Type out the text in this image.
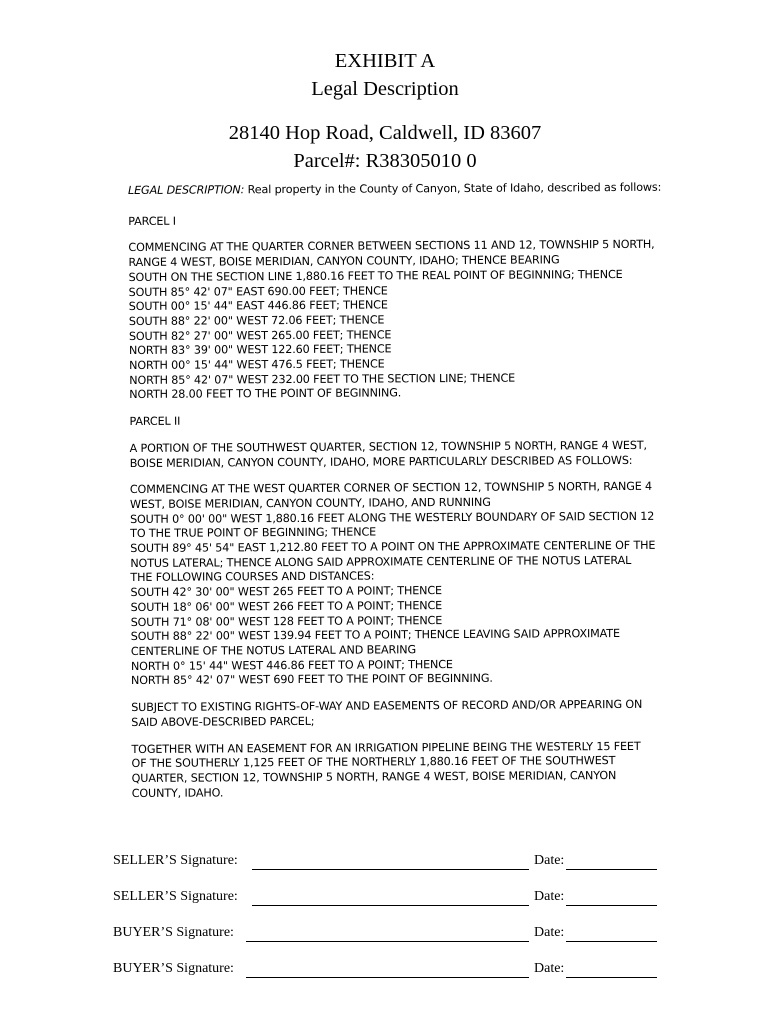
EXHIBIT A
Legal Description
28140 Hop Road, Caldwell, ID 83607
Parcel#: R38305010 0
LEGAL DESCRIPTION: Real property in the County of Canyon, State of Idaho, described as follows:
PARCEL I
COMMENCING AT THE QUARTER CORNER BETWEEN SECTIONS 11 AND 12, TOWNSHIP 5 NORTH,
RANGE 4 WEST, BOISE MERIDIAN, CANYON COUNTY, IDAHO; THENCE BEARING
SOUTH ON THE SECTION LINE 1,880.16 FEET TO THE REAL POINT OF BEGINNING; THENCE
SOUTH 85° 42' 07" EAST 690.00 FEET; THENCE
SOUTH 00° 15' 44" EAST 446.86 FEET; THENCE
SOUTH 88° 22' 00" WEST 72.06 FEET; THENCE
SOUTH 82° 27' 00" WEST 265.00 FEET; THENCE
NORTH 83° 39' 00" WEST 122.60 FEET; THENCE
NORTH 00° 15' 44" WEST 476.5 FEET; THENCE
NORTH 85° 42' 07" WEST 232.00 FEET TO THE SECTION LINE; THENCE
NORTH 28.00 FEET TO THE POINT OF BEGINNING.
PARCEL II
A PORTION OF THE SOUTHWEST QUARTER, SECTION 12, TOWNSHIP 5 NORTH, RANGE 4 WEST,
BOISE MERIDIAN, CANYON COUNTY, IDAHO, MORE PARTICULARLY DESCRIBED AS FOLLOWS:
COMMENCING AT THE WEST QUARTER CORNER OF SECTION 12, TOWNSHIP 5 NORTH, RANGE 4
WEST, BOISE MERIDIAN, CANYON COUNTY, IDAHO, AND RUNNING
SOUTH 0° 00' 00" WEST 1,880.16 FEET ALONG THE WESTERLY BOUNDARY OF SAID SECTION 12
TO THE TRUE POINT OF BEGINNING; THENCE
SOUTH 89° 45' 54" EAST 1,212.80 FEET TO A POINT ON THE APPROXIMATE CENTERLINE OF THE
NOTUS LATERAL; THENCE ALONG SAID APPROXIMATE CENTERLINE OF THE NOTUS LATERAL
THE FOLLOWING COURSES AND DISTANCES:
SOUTH 42° 30' 00" WEST 265 FEET TO A POINT; THENCE
SOUTH 18° 06' 00" WEST 266 FEET TO A POINT; THENCE
SOUTH 71° 08' 00" WEST 128 FEET TO A POINT; THENCE
SOUTH 88° 22' 00" WEST 139.94 FEET TO A POINT; THENCE LEAVING SAID APPROXIMATE
CENTERLINE OF THE NOTUS LATERAL AND BEARING
NORTH 0° 15' 44" WEST 446.86 FEET TO A POINT; THENCE
NORTH 85° 42' 07" WEST 690 FEET TO THE POINT OF BEGINNING.
SUBJECT TO EXISTING RIGHTS-OF-WAY AND EASEMENTS OF RECORD AND/OR APPEARING ON
SAID ABOVE-DESCRIBED PARCEL;
TOGETHER WITH AN EASEMENT FOR AN IRRIGATION PIPELINE BEING THE WESTERLY 15 FEET
OF THE SOUTHERLY 1,125 FEET OF THE NORTHERLY 1,880.16 FEET OF THE SOUTHWEST
QUARTER, SECTION 12, TOWNSHIP 5 NORTH, RANGE 4 WEST, BOISE MERIDIAN, CANYON
COUNTY, IDAHO.
SELLER’S Signature:	Date:
SELLER’S Signature:	Date:
BUYER’S Signature:	Date:
BUYER’S Signature:	Date:
